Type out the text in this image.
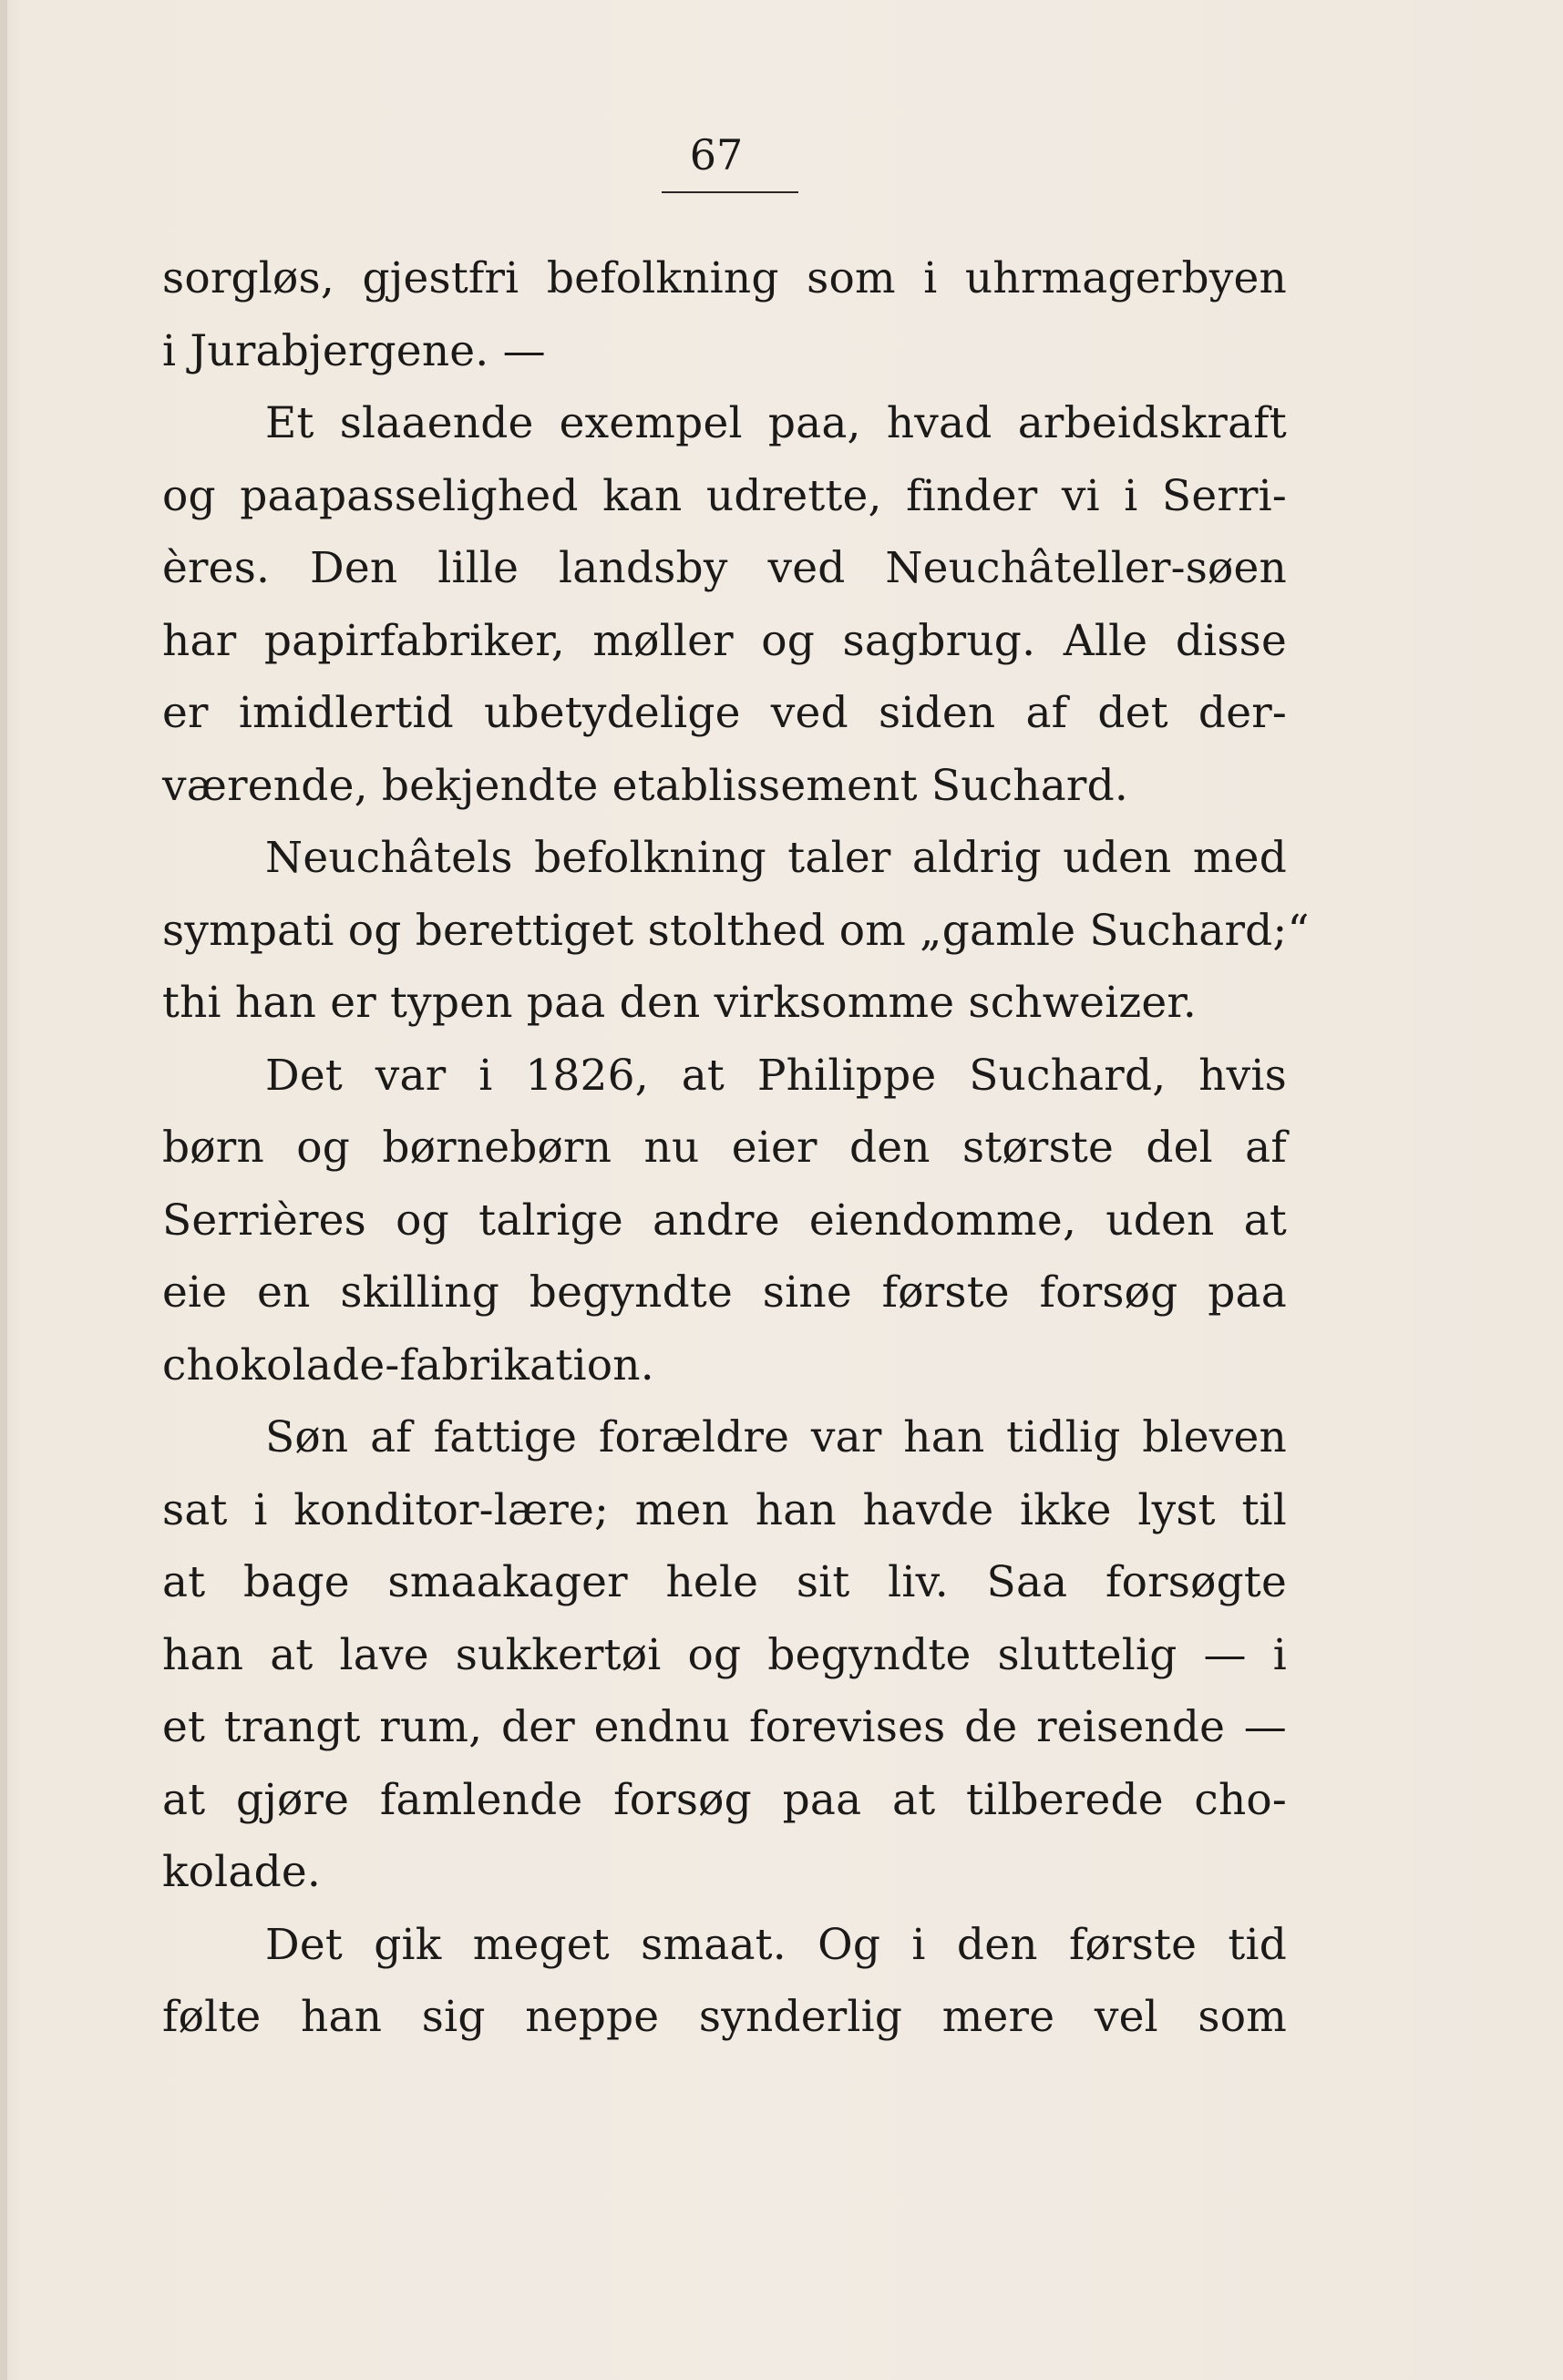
67
sorgløs, gjestfri befolkning som i uhrmagerbyen
i Jurabjergene. —
Et slaaende exempel paa, hvad arbeidskraft
og paapasselighed kan udrette, finder vi i Serri-
ères. Den lille landsby ved Neuchâteller-søen
har papirfabriker, møller og sagbrug. Alle disse
er imidlertid ubetydelige ved siden af det der-
værende, bekjendte etablissement Suchard.
Neuchâtels befolkning taler aldrig uden med
sympati og berettiget stolthed om „gamle Suchard;“
thi han er typen paa den virksomme schweizer.
Det var i 1826, at Philippe Suchard, hvis
børn og børnebørn nu eier den største del af
Serrières og talrige andre eiendomme, uden at
eie en skilling begyndte sine første forsøg paa
chokolade-fabrikation.
Søn af fattige forældre var han tidlig bleven
sat i konditor-lære; men han havde ikke lyst til
at bage smaakager hele sit liv. Saa forsøgte
han at lave sukkertøi og begyndte sluttelig — i
et trangt rum, der endnu forevises de reisende —
at gjøre famlende forsøg paa at tilberede cho-
kolade.
Det gik meget smaat. Og i den første tid
følte han sig neppe synderlig mere vel som
